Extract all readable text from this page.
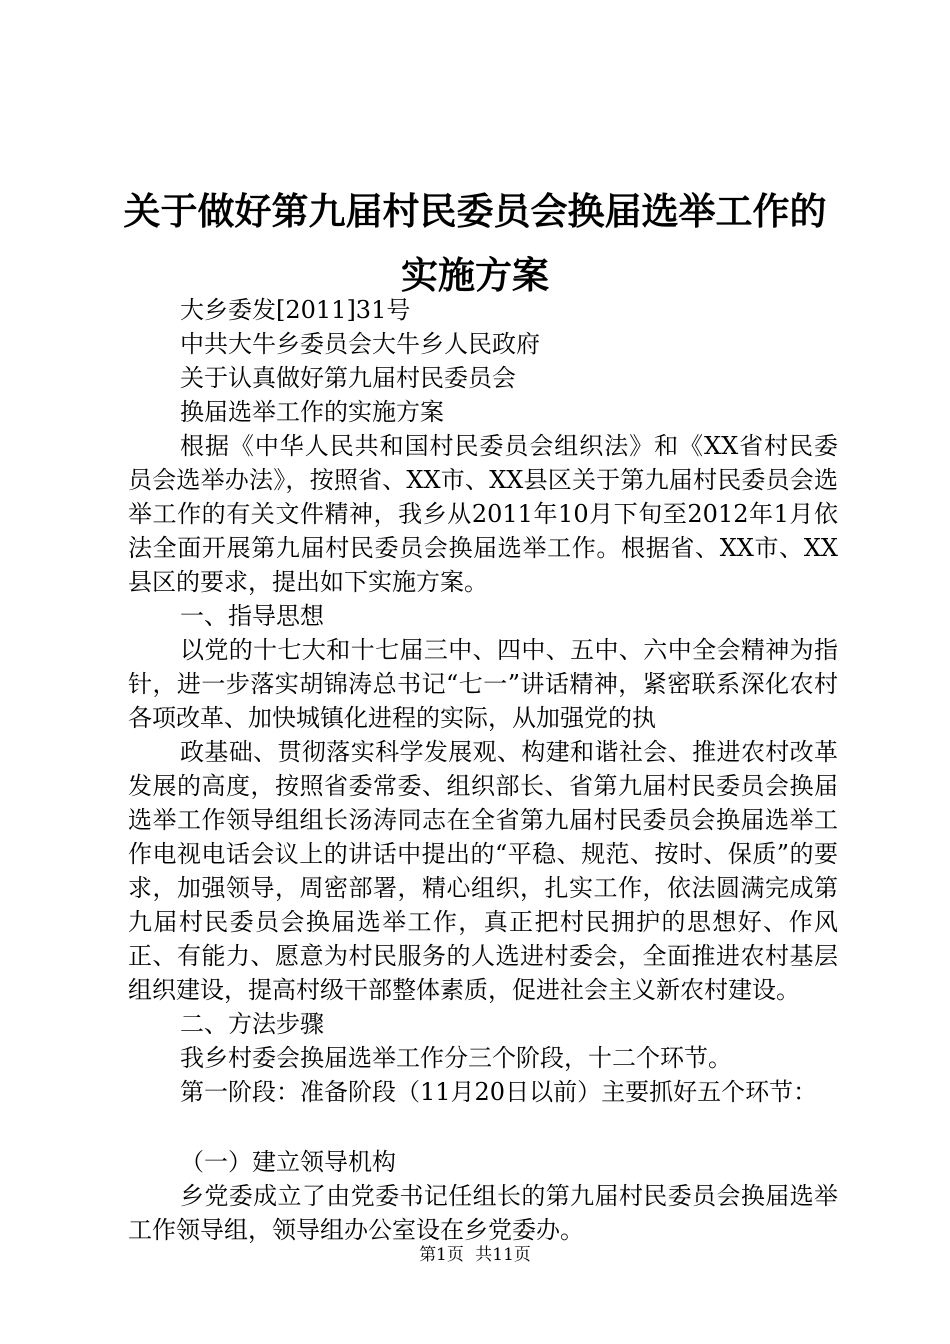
关于做好第九届村民委员会换届选举工作的实施方案

大乡委发[2011]31号

中共大牛乡委员会大牛乡人民政府

关于认真做好第九届村民委员会

换届选举工作的实施方案

根据《中华人民共和国村民委员会组织法》和《XX省村民委员会选举办法》，按照省、XX市、XX县区关于第九届村民委员会选举工作的有关文件精神，我乡从2011年10月下旬至2012年1月依法全面开展第九届村民委员会换届选举工作。根据省、XX市、XX县区的要求，提出如下实施方案。

一、指导思想

以党的十七大和十七届三中、四中、五中、六中全会精神为指针，进一步落实胡锦涛总书记“七一”讲话精神，紧密联系深化农村各项改革、加快城镇化进程的实际，从加强党的执

政基础、贯彻落实科学发展观、构建和谐社会、推进农村改革发展的高度，按照省委常委、组织部长、省第九届村民委员会换届选举工作领导组组长汤涛同志在全省第九届村民委员会换届选举工作电视电话会议上的讲话中提出的“平稳、规范、按时、保质”的要求，加强领导，周密部署，精心组织，扎实工作，依法圆满完成第九届村民委员会换届选举工作，真正把村民拥护的思想好、作风正、有能力、愿意为村民服务的人选进村委会，全面推进农村基层组织建设，提高村级干部整体素质，促进社会主义新农村建设。

二、方法步骤

我乡村委会换届选举工作分三个阶段，十二个环节。

第一阶段：准备阶段（11月20日以前）主要抓好五个环节：

（一）建立领导机构

乡党委成立了由党委书记任组长的第九届村民委员会换届选举工作领导组，领导组办公室设在乡党委办。

第1页 共11页
